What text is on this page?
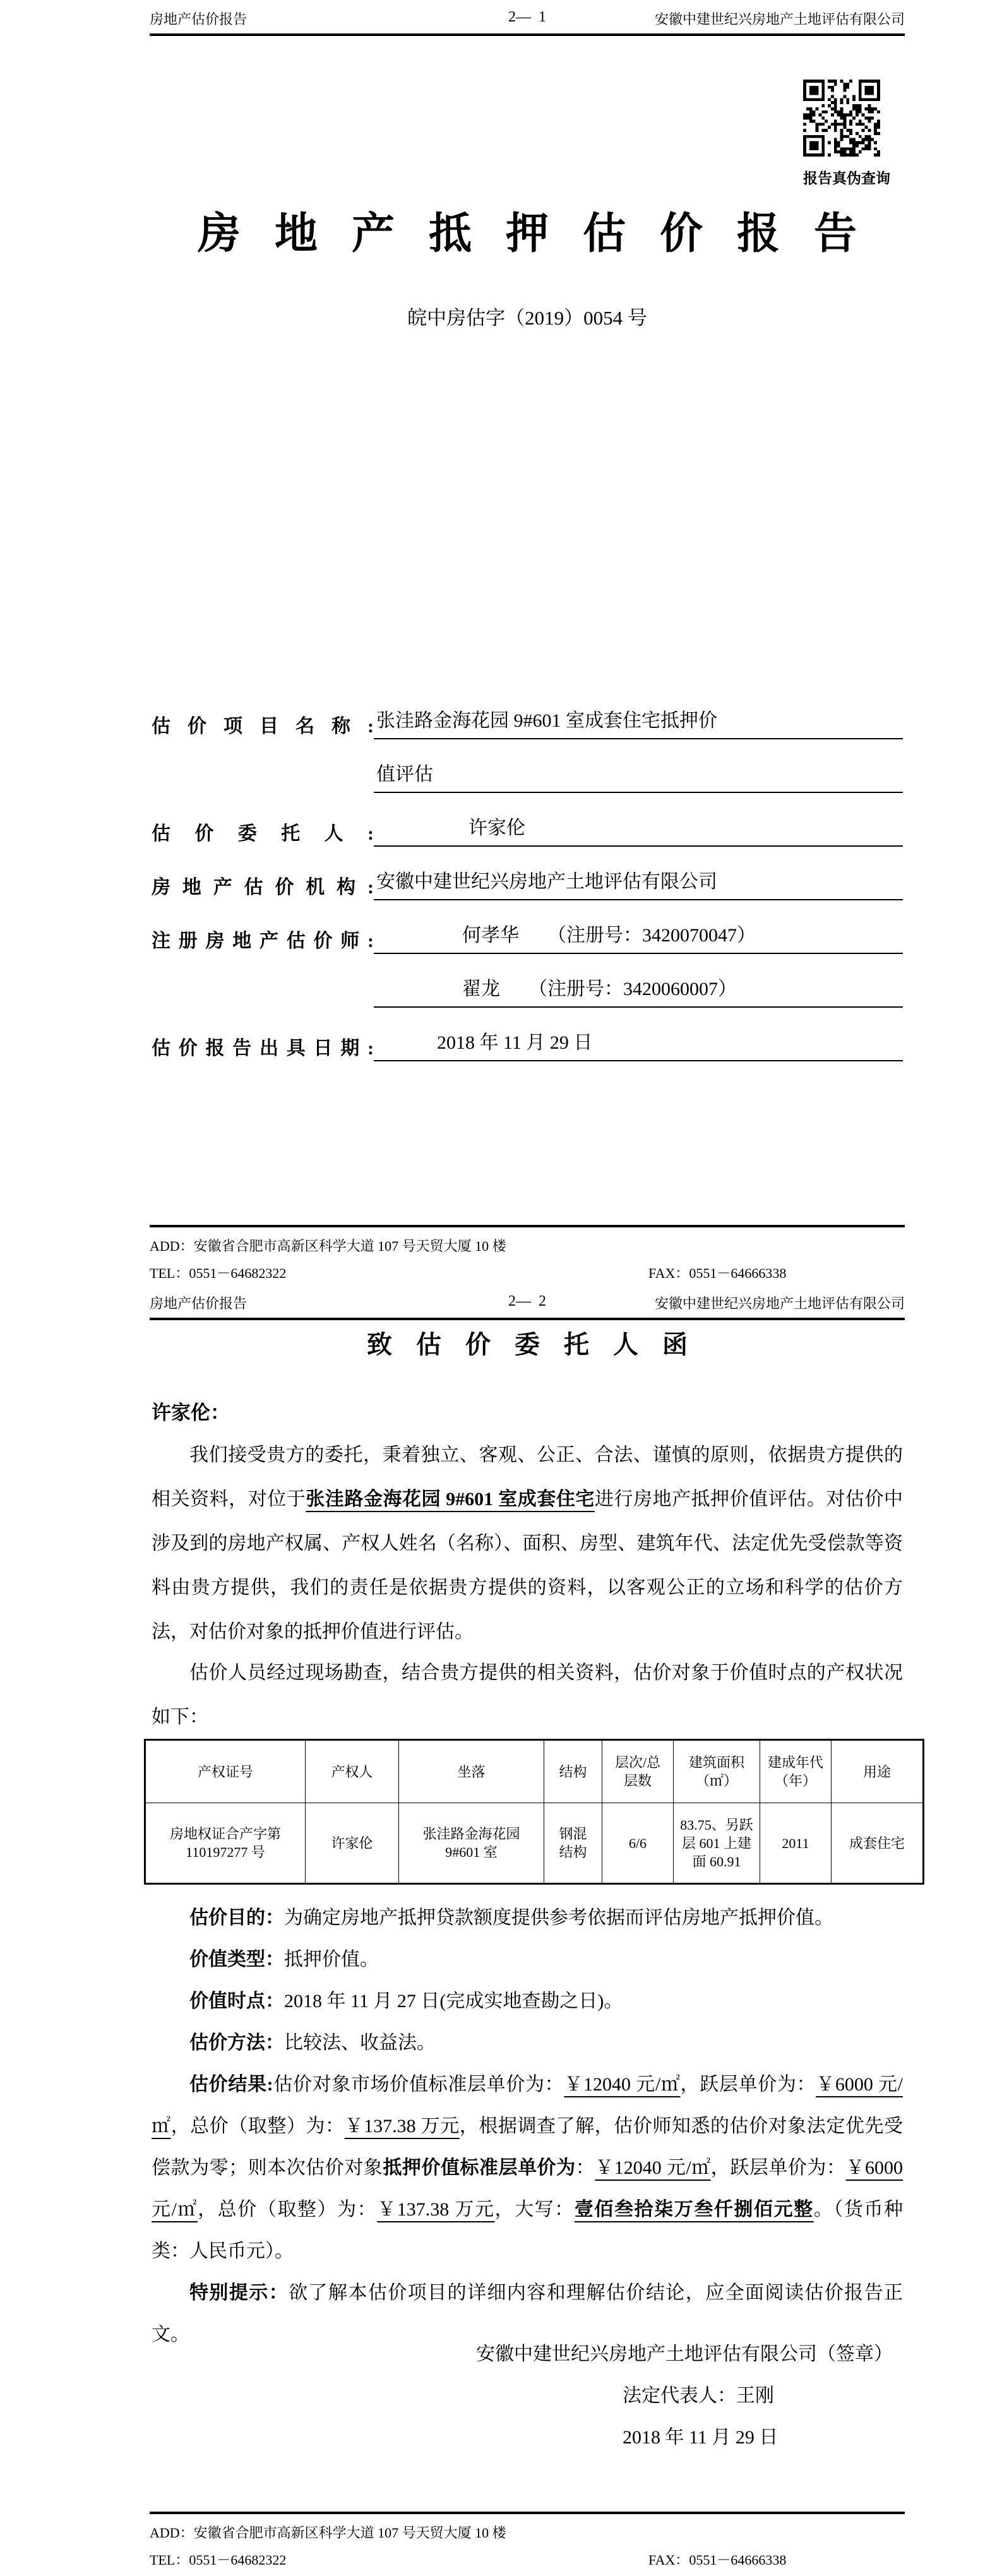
房地产估价报告	2—  1	安徽中建世纪兴房地产土地评估有限公司
报告真伪查询
房地产抵押估价报告
皖中房估字（2019）0054 号
估价项目名称: 张洼路金海花园 9#601 室成套住宅抵押价
值评估
估价委托人:	许家伦
房地产估价机构: 安徽中建世纪兴房地产土地评估有限公司
注册房地产估价师:	何孝华　　（注册号：3420070047）
翟龙　　（注册号：3420060007）
估价报告出具日期:	2018 年 11 月 29 日
ADD：安徽省合肥市高新区科学大道 107 号天贸大厦 10 楼
TEL：0551－64682322	FAX：0551－64666338
房地产估价报告	2—  2	安徽中建世纪兴房地产土地评估有限公司
致估价委托人函
许家伦：
我们接受贵方的委托，秉着独立、客观、公正、合法、谨慎的原则，依据贵方提供的相关资料，对位于张洼路金海花园 9#601 室成套住宅进行房地产抵押价值评估。对估价中涉及到的房地产权属、产权人姓名（名称）、面积、房型、建筑年代、法定优先受偿款等资料由贵方提供，我们的责任是依据贵方提供的资料，以客观公正的立场和科学的估价方法，对估价对象的抵押价值进行评估。
估价人员经过现场勘查，结合贵方提供的相关资料，估价对象于价值时点的产权状况如下：
产权证号	产权人	坐落	结构	层次/总层数	建筑面积（㎡）	建成年代（年）	用途
房地权证合产字第 110197277 号	许家伦	张洼路金海花园 9#601 室	钢混结构	6/6	83.75、另跃层 601 上建面 60.91	2011	成套住宅
估价目的：为确定房地产抵押贷款额度提供参考依据而评估房地产抵押价值。
价值类型：抵押价值。
价值时点：2018 年 11 月 27 日(完成实地查勘之日)。
估价方法：比较法、收益法。
估价结果:估价对象市场价值标准层单价为：￥12040 元/㎡，跃层单价为：￥6000 元/㎡，总价（取整）为：￥137.38 万元，根据调查了解，估价师知悉的估价对象法定优先受偿款为零；则本次估价对象抵押价值标准层单价为：￥12040 元/㎡，跃层单价为：￥6000 元/㎡，总价（取整）为：￥137.38 万元，大写：壹佰叁拾柒万叁仟捌佰元整。（货币种类：人民币元）。
特别提示：欲了解本估价项目的详细内容和理解估价结论，应全面阅读估价报告正文。
安徽中建世纪兴房地产土地评估有限公司（签章）
法定代表人：王刚
2018 年 11 月 29 日
ADD：安徽省合肥市高新区科学大道 107 号天贸大厦 10 楼
TEL：0551－64682322	FAX：0551－64666338
